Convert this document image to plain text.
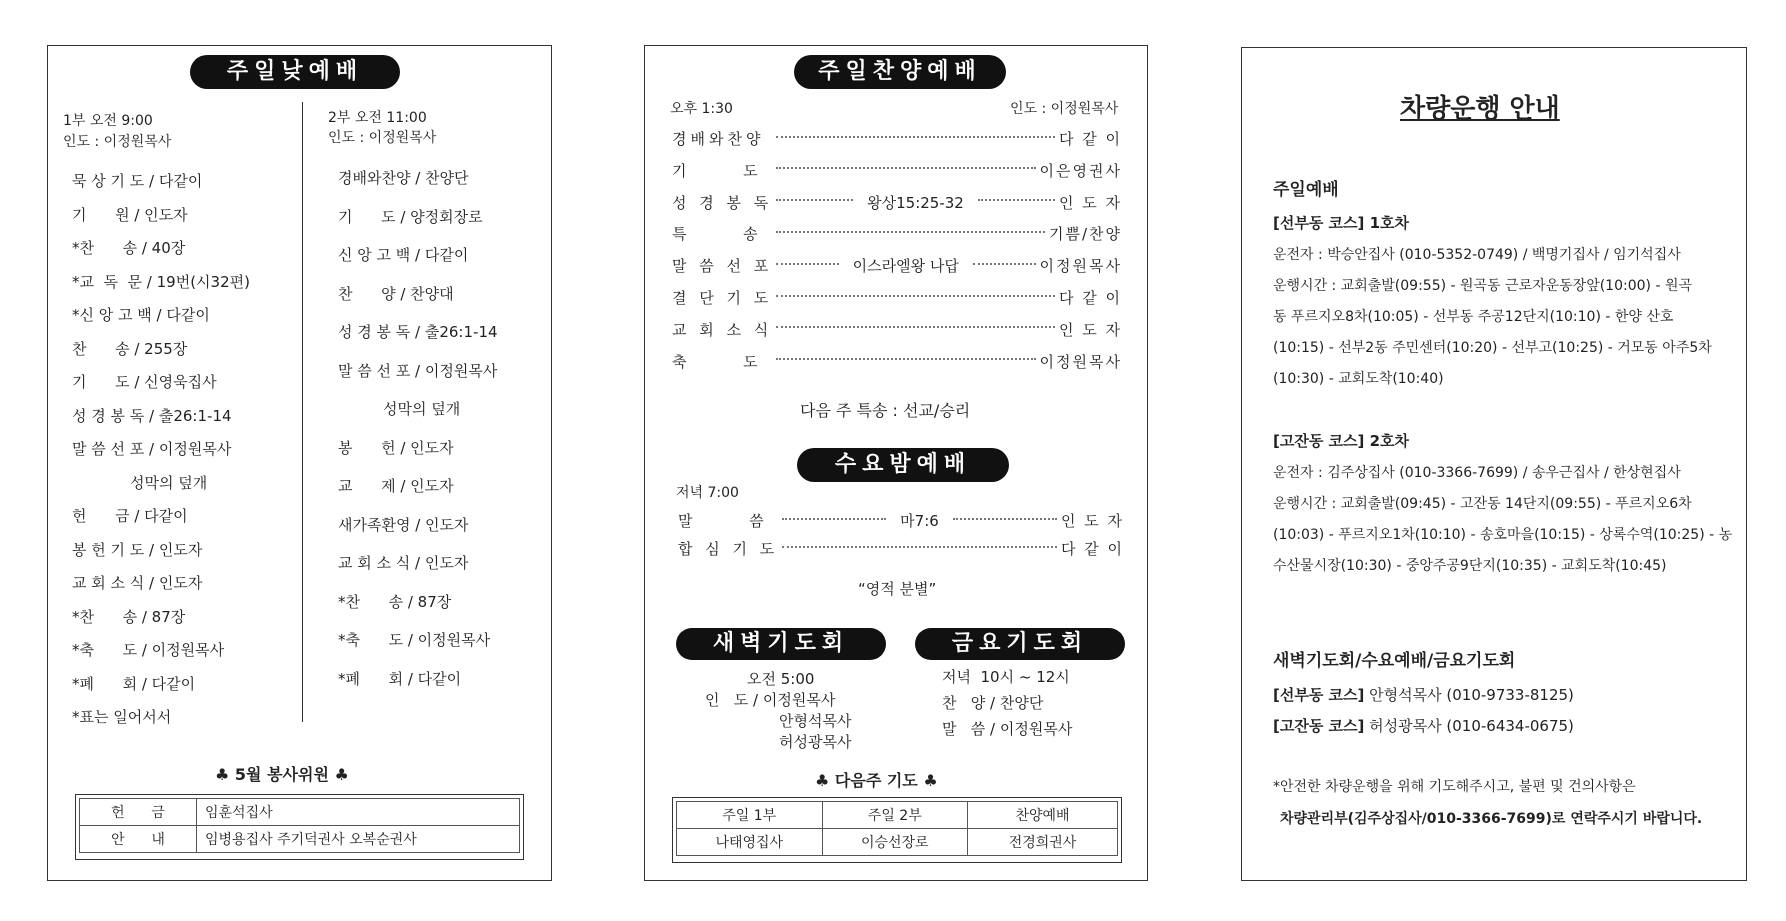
주일낮예배
1부 오전 9:00
인도 : 이정원목사
묵 상 기 도 / 다같이
기      원 / 인도자
*찬      송 / 40장
*교  독  문 / 19번(시32편)
*신 앙 고 백 / 다같이
찬      송 / 255장
기      도 / 신영욱집사
성 경 봉 독 / 출26:1-14
말 씀 선 포 / 이정원목사
성막의 덮개
헌      금 / 다같이
봉 헌 기 도 / 인도자
교 회 소 식 / 인도자
*찬      송 / 87장
*축      도 / 이정원목사
*폐      회 / 다같이
*표는 일어서서
2부 오전 11:00
인도 : 이정원목사
경배와찬양 / 찬양단
기      도 / 양정회장로
신 앙 고 백 / 다같이
찬      양 / 찬양대
성 경 봉 독 / 출26:1-14
말 씀 선 포 / 이정원목사
성막의 덮개
봉      헌 / 인도자
교      제 / 인도자
새가족환영 / 인도자
교 회 소 식 / 인도자
*찬      송 / 87장
*축      도 / 이정원목사
*폐      회 / 다같이
♣ 5월 봉사위원 ♣
헌      금	임훈석집사
안      내	임병용집사 주기덕권사 오복순권사
주일찬양예배
오후 1:30	인도 : 이정원목사
경배와찬양	다 같 이
기      도	이은영권사
성 경 봉 독	왕상15:25-32	인 도 자
특      송	기쁨/찬양
말 씀 선 포	이스라엘왕 나답	이정원목사
결 단 기 도	다 같 이
교 회 소 식	인 도 자
축      도	이정원목사
다음 주 특송 : 선교/승리
수요밤예배
저녁 7:00
말      씀	마7:6	인 도 자
합 심 기 도	다 같 이
“영적 분별”
새벽기도회
오전 5:00
인   도 / 이정원목사
안형석목사
허성광목사
금요기도회
저녁  10시 ~ 12시
찬   양 / 찬양단
말   씀 / 이정원목사
♣ 다음주 기도 ♣
주일 1부	주일 2부	찬양예배
나태영집사	이승선장로	전경희권사
차량운행 안내
주일예배
[선부동 코스] 1호차
운전자 : 박승안집사 (010-5352-0749) / 백명기집사 / 임기석집사
운행시간 : 교회출발(09:55) - 원곡동 근로자운동장앞(10:00) - 원곡
동 푸르지오8차(10:05) - 선부동 주공12단지(10:10) - 한양 산호
(10:15) - 선부2동 주민센터(10:20) - 선부고(10:25) - 거모동 아주5차
(10:30) - 교회도착(10:40)
[고잔동 코스] 2호차
운전자 : 김주상집사 (010-3366-7699) / 송우근집사 / 한상현집사
운행시간 : 교회출발(09:45) - 고잔동 14단지(09:55) - 푸르지오6차
(10:03) - 푸르지오1차(10:10) - 송호마을(10:15) - 상록수역(10:25) - 농
수산물시장(10:30) - 중앙주공9단지(10:35) - 교회도착(10:45)
새벽기도회/수요예배/금요기도회
[선부동 코스] 안형석목사 (010-9733-8125)
[고잔동 코스] 허성광목사 (010-6434-0675)
*안전한 차량운행을 위해 기도해주시고, 불편 및 건의사항은
차량관리부(김주상집사/010-3366-7699)로 연락주시기 바랍니다.
